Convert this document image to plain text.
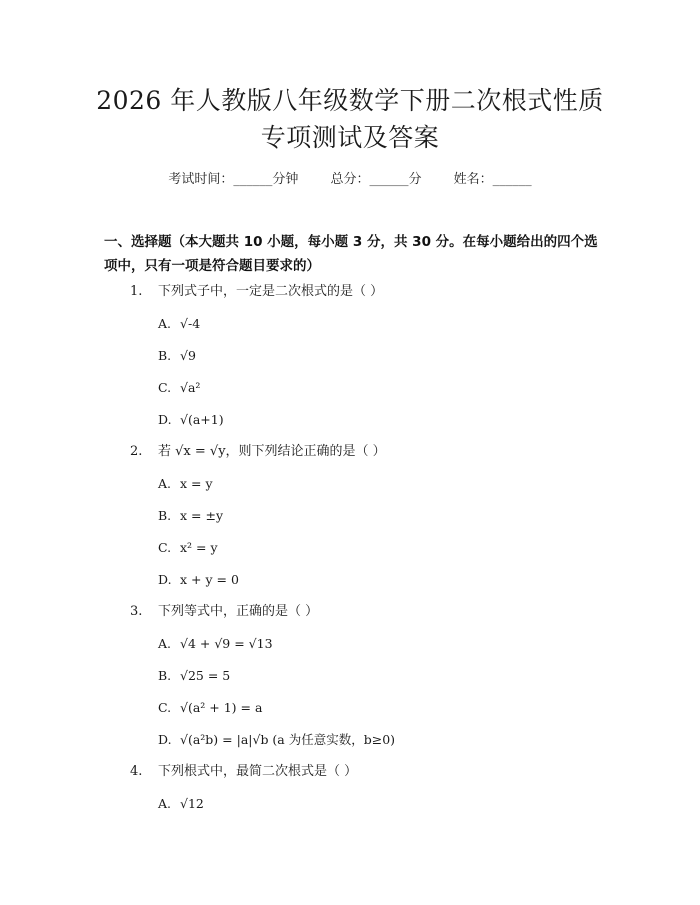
2026 年人教版八年级数学下册二次根式性质
专项测试及答案
考试时间：______分钟 总分：______分 姓名：______
一、选择题（本大题共 10 小题，每小题 3 分，共 30 分。在每小题给出的四个选项中，只有一项是符合题目要求的）
1. 下列式子中，一定是二次根式的是（ ）
A. √-4
B. √9
C. √a²
D. √(a+1)
2. 若 √x = √y，则下列结论正确的是（ ）
A. x = y
B. x = ±y
C. x² = y
D. x + y = 0
3. 下列等式中，正确的是（ ）
A. √4 + √9 = √13
B. √25 = 5
C. √(a² + 1) = a
D. √(a²b) = |a|√b (a 为任意实数，b≥0)
4. 下列根式中，最简二次根式是（ ）
A. √12
